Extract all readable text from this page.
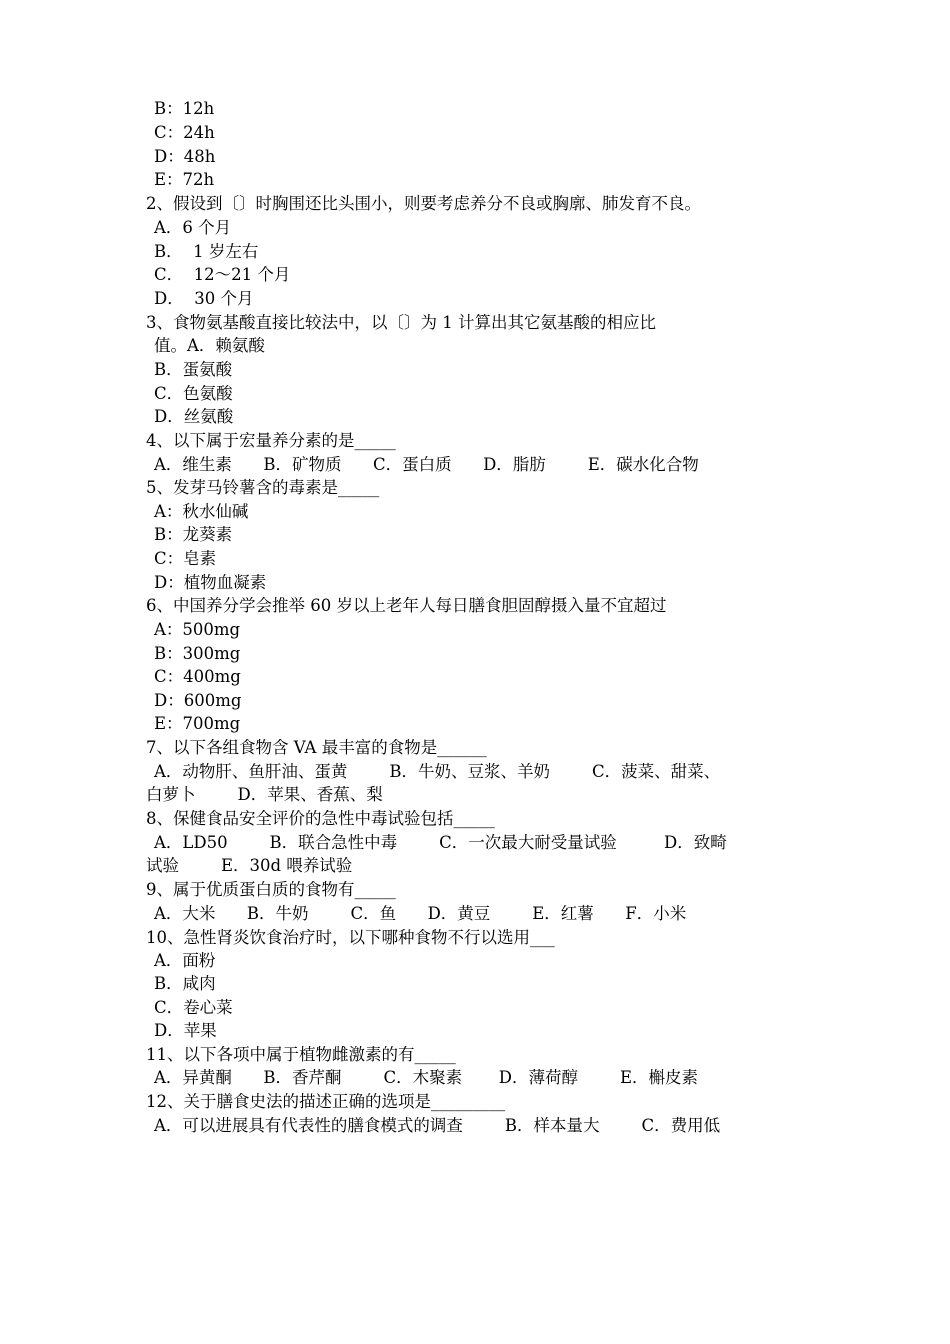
B：12h

C：24h

D：48h

E：72h

2、假设到〔〕时胸围还比头围小，则要考虑养分不良或胸廓、肺发育不良。

A．6 个月

B．  1 岁左右

C．  12～21 个月

D．  30 个月

3、食物氨基酸直接比较法中，以〔〕为 1 计算出其它氨基酸的相应比

值。A．赖氨酸

B．蛋氨酸

C．色氨酸

D．丝氨酸

4、以下属于宏量养分素的是_____

A．维生素      B．矿物质      C．蛋白质      D．脂肪        E．碳水化合物

5、发芽马铃薯含的毒素是_____

A：秋水仙碱

B：龙葵素

C：皂素

D：植物血凝素

6、中国养分学会推举 60 岁以上老年人每日膳食胆固醇摄入量不宜超过

A：500mg

B：300mg

C：400mg

D：600mg

E：700mg

7、以下各组食物含 VA 最丰富的食物是______

A．动物肝、鱼肝油、蛋黄        B．牛奶、豆浆、羊奶        C．菠菜、甜菜、

白萝卜        D．苹果、香蕉、梨

8、保健食品安全评价的急性中毒试验包括_____

A．LD50        B．联合急性中毒        C．一次最大耐受量试验         D．致畸

试验        E．30d 喂养试验

9、属于优质蛋白质的食物有_____

A．大米      B．牛奶        C．鱼      D．黄豆        E．红薯      F．小米

10、急性肾炎饮食治疗时，以下哪种食物不行以选用___

A．面粉

B．咸肉

C．卷心菜

D．苹果

11、以下各项中属于植物雌激素的有_____

A．异黄酮      B．香芹酮        C．木聚素       D．薄荷醇        E．槲皮素

12、关于膳食史法的描述正确的选项是_________

A．可以进展具有代表性的膳食模式的调查        B．样本量大        C．费用低
